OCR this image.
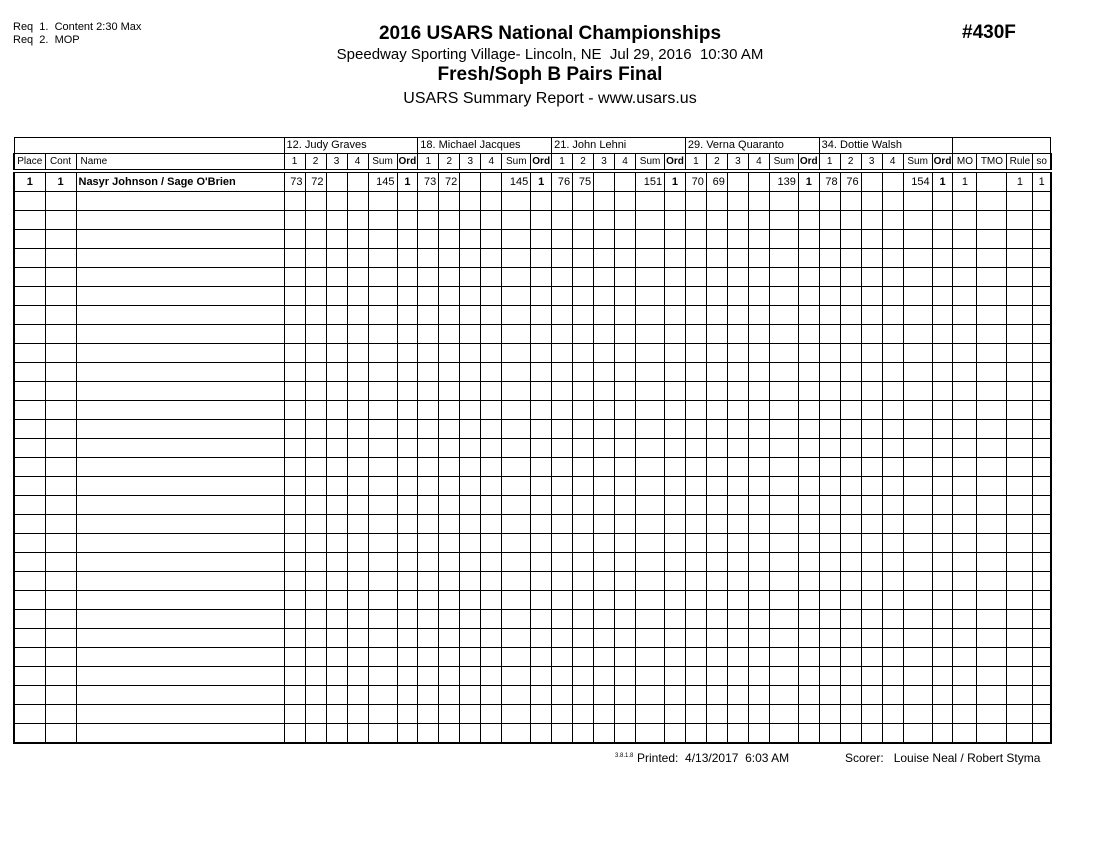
Req  1.  Content 2:30 Max
Req  2.  MOP	2016 USARS National Championships
Speedway Sporting Village- Lincoln, NE  Jul 29, 2016  10:30 AM
Fresh/Soph B Pairs Final
USARS Summary Report - www.usars.us
#430F
			12. Judy Graves						18. Michael Jacques						21. John Lehni						29. Verna Quaranto						34. Dottie Walsh									
Place	Cont	Name	1	2	3	4	Sum	Ord	1	2	3	4	Sum	Ord	1	2	3	4	Sum	Ord	1	2	3	4	Sum	Ord	1	2	3	4	Sum	Ord	MO	TMO	Rule	so
1	1	Nasyr Johnson / Sage O'Brien	73	72			145	1	73	72			145	1	76	75			151	1	70	69			139	1	78	76			154	1	1		1	1

3.8.1.8 Printed: 4/13/2017  6:03 AM	Scorer: Louise Neal / Robert Styma
